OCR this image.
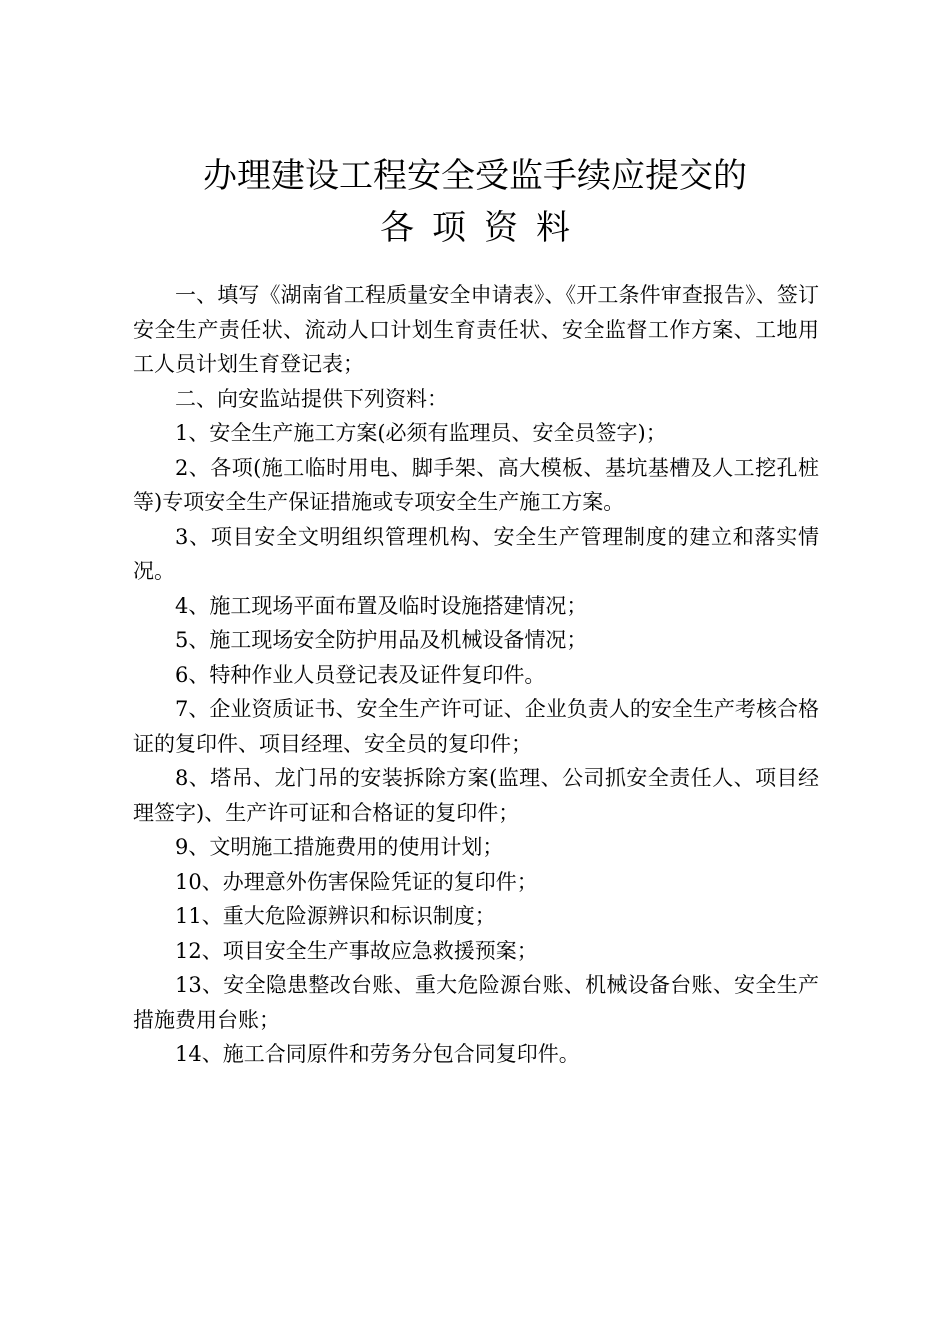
办理建设工程安全受监手续应提交的
各项资料

一、填写《湖南省工程质量安全申请表》、《开工条件审查报告》、签订安全生产责任状、流动人口计划生育责任状、安全监督工作方案、工地用工人员计划生育登记表；

二、向安监站提供下列资料：

1、安全生产施工方案(必须有监理员、安全员签字)；

2、各项(施工临时用电、脚手架、高大模板、基坑基槽及人工挖孔桩等)专项安全生产保证措施或专项安全生产施工方案。

3、项目安全文明组织管理机构、安全生产管理制度的建立和落实情况。

4、施工现场平面布置及临时设施搭建情况；

5、施工现场安全防护用品及机械设备情况；

6、特种作业人员登记表及证件复印件。

7、企业资质证书、安全生产许可证、企业负责人的安全生产考核合格证的复印件、项目经理、安全员的复印件；

8、塔吊、龙门吊的安装拆除方案(监理、公司抓安全责任人、项目经理签字)、生产许可证和合格证的复印件；

9、文明施工措施费用的使用计划；

10、办理意外伤害保险凭证的复印件；

11、重大危险源辨识和标识制度；

12、项目安全生产事故应急救援预案；

13、安全隐患整改台账、重大危险源台账、机械设备台账、安全生产措施费用台账；

14、施工合同原件和劳务分包合同复印件。
